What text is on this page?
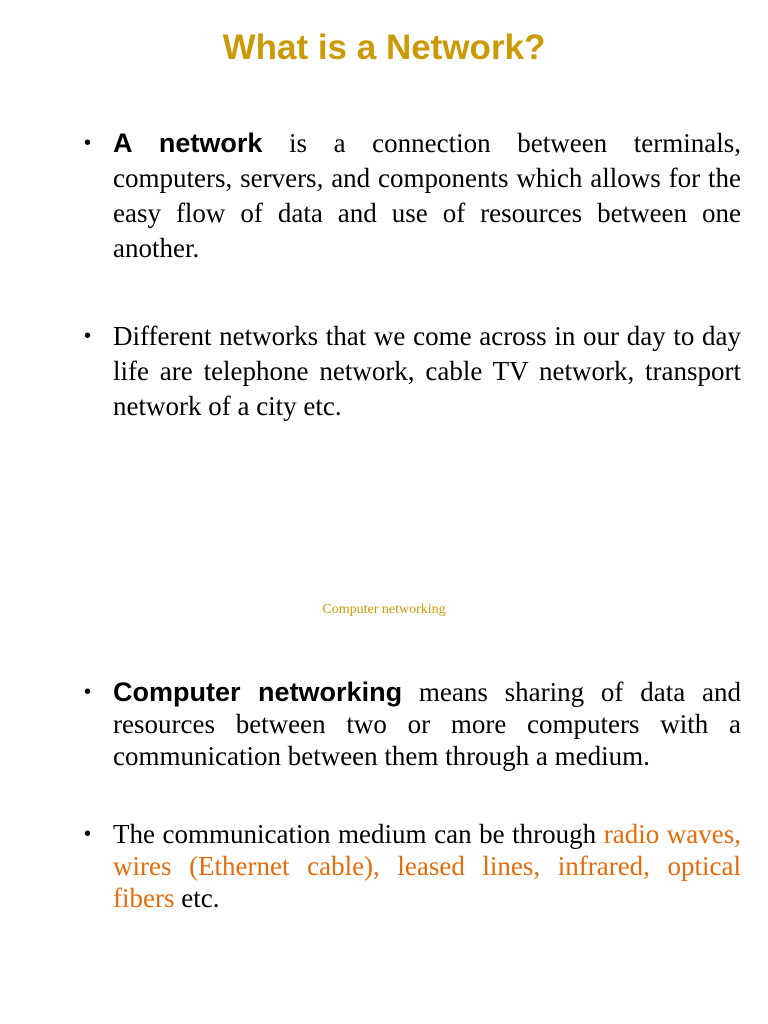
What is a Network?
• A network is a connection between terminals, computers, servers, and components which allows for the easy flow of data and use of resources between one another.
• Different networks that we come across in our day to day life are telephone network, cable TV network, transport network of a city etc.
Computer networking
• Computer networking means sharing of data and resources between two or more computers with a communication between them through a medium.
• The communication medium can be through radio waves, wires (Ethernet cable), leased lines, infrared, optical fibers etc.
